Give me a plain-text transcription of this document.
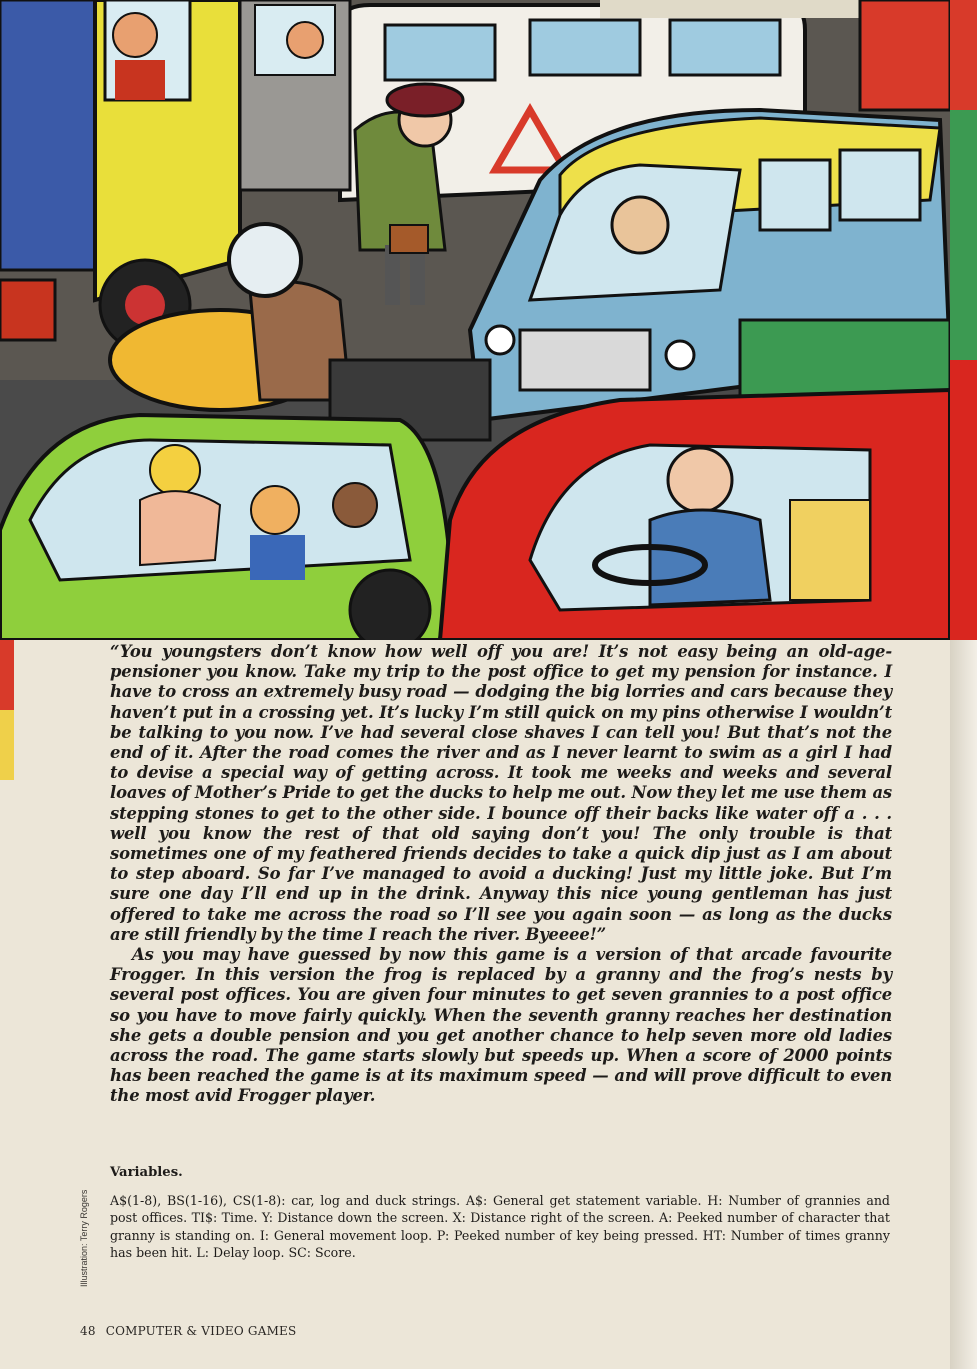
“You youngsters don’t know how well off you are! It’s not easy being an old-age-pensioner you know. Take my trip to the post office to get my pension for instance. I have to cross an extremely busy road — dodging the big lorries and cars because they haven’t put in a crossing yet. It’s lucky I’m still quick on my pins otherwise I wouldn’t be talking to you now. I’ve had several close shaves I can tell you! But that’s not the end of it. After the road comes the river and as I never learnt to swim as a girl I had to devise a special way of getting across. It took me weeks and weeks and several loaves of Mother’s Pride to get the ducks to help me out. Now they let me use them as stepping stones to get to the other side. I bounce off their backs like water off a . . . well you know the rest of that old saying don’t you! The only trouble is that sometimes one of my feathered friends decides to take a quick dip just as I am about to step aboard. So far I’ve managed to avoid a ducking! Just my little joke. But I’m sure one day I’ll end up in the drink. Anyway this nice young gentleman has just offered to take me across the road so I’ll see you again soon — as long as the ducks are still friendly by the time I reach the river. Byeeee!”

As you may have guessed by now this game is a version of that arcade favourite Frogger. In this version the frog is replaced by a granny and the frog’s nests by several post offices. You are given four minutes to get seven grannies to a post office so you have to move fairly quickly. When the seventh granny reaches her destination she gets a double pension and you get another chance to help seven more old ladies across the road. The game starts slowly but speeds up. When a score of 2000 points has been reached the game is at its maximum speed — and will prove difficult to even the most avid Frogger player.

Variables.
A$(1-8), BS(1-16), CS(1-8): car, log and duck strings. A$: General get statement variable. H: Number of grannies and post offices. TI$: Time. Y: Distance down the screen. X: Distance right of the screen. A: Peeked number of character that granny is standing on. I: General movement loop. P: Peeked number of key being pressed. HT: Number of times granny has been hit. L: Delay loop. SC: Score.
Illustration: Terry Rogers
48 COMPUTER & VIDEO GAMES
